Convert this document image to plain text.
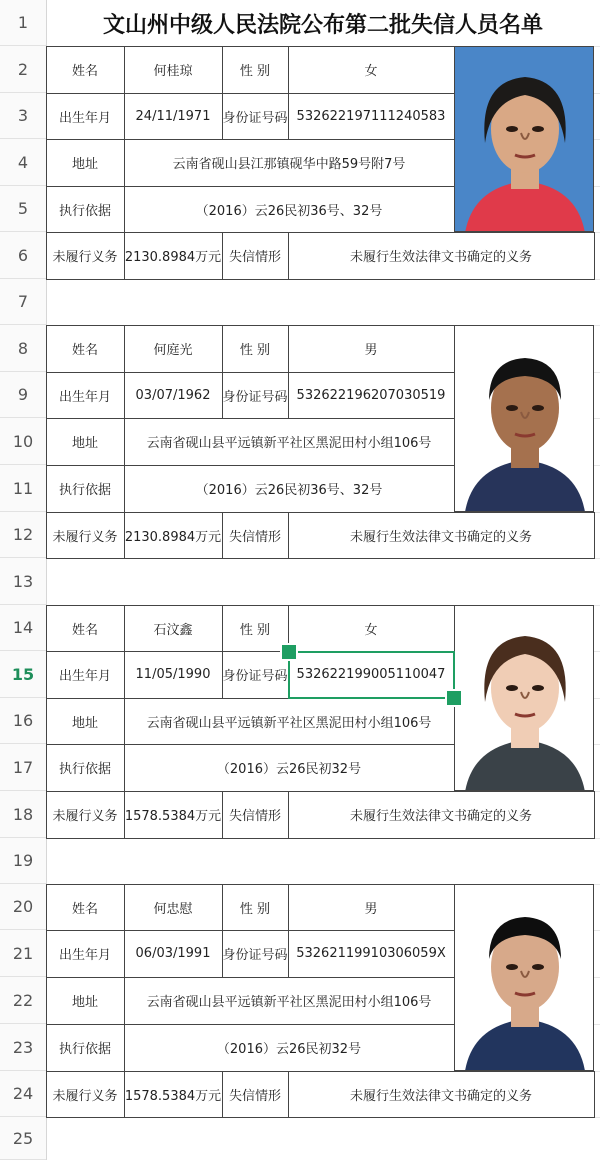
1
2
3
4
5
6
7
8
9
10
11
12
13
14
15
16
17
18
19
20
21
22
23
24
25
文山州中级人民法院公布第二批失信人员名单
姓名	何桂琼	性 别	女
出生年月	24/11/1971 身份证号码 532622197111240583
地址	云南省砚山县江那镇砚华中路59号附7号
执行依据	（2016）云26民初36号、32号
未履行义务 2130.8984万元 失信情形	未履行生效法律文书确定的义务
姓名	何庭光	性 别	男
出生年月	03/07/1962 身份证号码 532622196207030519
地址	云南省砚山县平远镇新平社区黑泥田村小组106号
执行依据	（2016）云26民初36号、32号
未履行义务 2130.8984万元 失信情形	未履行生效法律文书确定的义务
姓名	石汶鑫	性 别	女
出生年月	11/05/1990 身份证号码 532622199005110047
地址	云南省砚山县平远镇新平社区黑泥田村小组106号
执行依据	（2016）云26民初32号
未履行义务 1578.5384万元 失信情形	未履行生效法律文书确定的义务
姓名	何忠慰	性 别	男
出生年月	06/03/1991 身份证号码 53262119910306059X
地址	云南省砚山县平远镇新平社区黑泥田村小组106号
执行依据	（2016）云26民初32号
未履行义务 1578.5384万元 失信情形	未履行生效法律文书确定的义务
